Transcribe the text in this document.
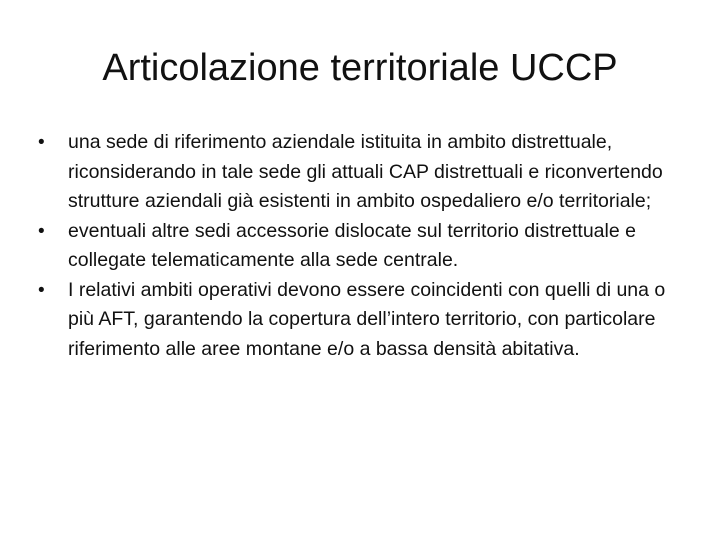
Articolazione territoriale UCCP
• una sede di riferimento aziendale istituita in ambito distrettuale, riconsiderando in tale sede gli attuali CAP distrettuali e riconvertendo strutture aziendali già esistenti in ambito ospedaliero e/o territoriale;
• eventuali altre sedi accessorie dislocate sul territorio distrettuale e collegate telematicamente alla sede centrale.
• I relativi ambiti operativi devono essere coincidenti con quelli di una o più AFT, garantendo la copertura dell’intero territorio, con particolare riferimento alle aree montane e/o a bassa densità abitativa.
